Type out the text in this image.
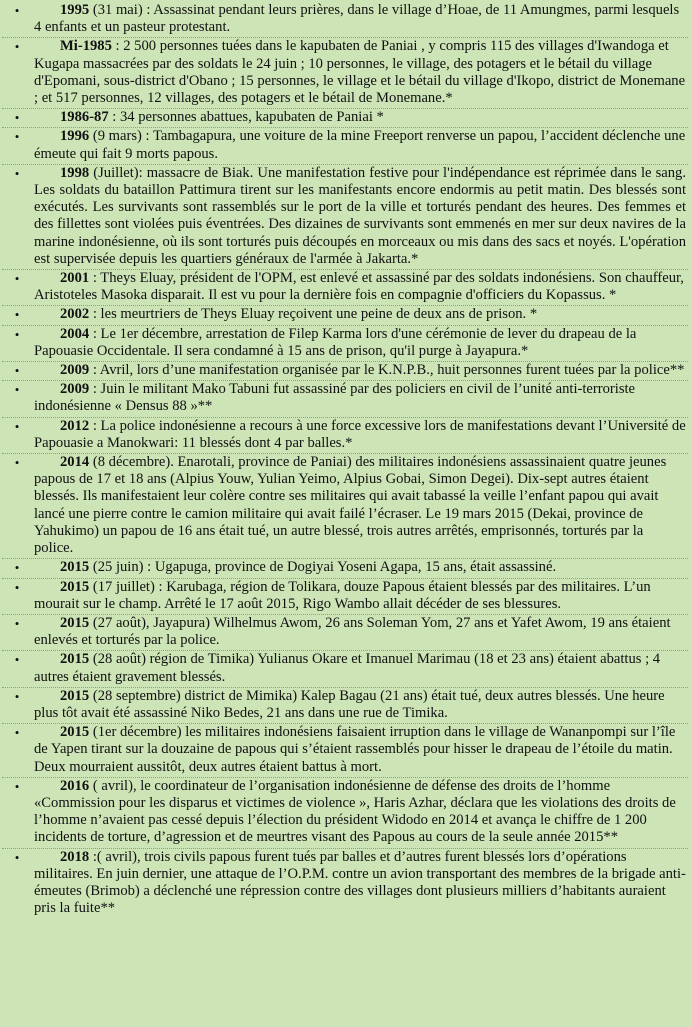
•	1995 (31 mai) : Assassinat pendant leurs prières, dans le village d’Hoae, de 11 Amungmes, parmi lesquels 4 enfants et un pasteur protestant.
•	Mi-1985 : 2 500 personnes tuées dans le kapubaten de Paniai , y compris 115 des villages d'Iwandoga et Kugapa massacrées par des soldats le 24 juin ; 10 personnes, le village, des potagers et le bétail du village d'Epomani, sous-district d'Obano ; 15 personnes, le village et le bétail du village d'Ikopo, district de Monemane ; et 517 personnes, 12 villages, des potagers et le bétail de Monemane.*
•	1986-87 : 34 personnes abattues, kapubaten de Paniai *
•	1996 (9 mars) : Tambagapura, une voiture de la mine Freeport renverse un papou, l’accident déclenche une émeute qui fait 9 morts papous.
•	1998 (Juillet): massacre de Biak. Une manifestation festive pour l'indépendance est réprimée dans le sang. Les soldats du bataillon Pattimura tirent sur les manifestants encore endormis au petit matin. Des blessés sont exécutés. Les survivants sont rassemblés sur le port de la ville et torturés pendant des heures. Des femmes et des fillettes sont violées puis éventrées. Des dizaines de survivants sont emmenés en mer sur deux navires de la marine indonésienne, où ils sont torturés puis découpés en morceaux ou mis dans des sacs et noyés. L'opération est supervisée depuis les quartiers généraux de l'armée à Jakarta.*
•	2001 : Theys Eluay, président de l'OPM, est enlevé et assassiné par des soldats indonésiens. Son chauffeur, Aristoteles Masoka disparait. Il est vu pour la dernière fois en compagnie d'officiers du Kopassus. *
•	2002 : les meurtriers de Theys Eluay reçoivent une peine de deux ans de prison. *
•	2004 : Le 1er décembre, arrestation de Filep Karma lors d'une cérémonie de lever du drapeau de la Papouasie Occidentale. Il sera condamné à 15 ans de prison, qu'il purge à Jayapura.*
•	2009 : Avril, lors d’une manifestation organisée par le K.N.P.B., huit personnes furent tuées par la police**
•	2009 : Juin le militant Mako Tabuni fut assassiné par des policiers en civil de l’unité anti-terroriste indonésienne « Densus 88 »**
•	2012 : La police indonésienne a recours à une force excessive lors de manifestations devant l’Université de Papouasie a Manokwari: 11 blessés dont 4 par balles.*
•	2014 (8 décembre). Enarotali, province de Paniai) des militaires indonésiens assassinaient quatre jeunes papous de 17 et 18 ans (Alpius Youw, Yulian Yeimo, Alpius Gobai, Simon Degei). Dix-sept autres étaient blessés. Ils manifestaient leur colère contre ses militaires qui avait tabassé la veille l’enfant papou qui avait lancé une pierre contre le camion militaire qui avait failé l’écraser. Le 19 mars 2015 (Dekai, province de Yahukimo) un papou de 16 ans était tué, un autre blessé, trois autres arrêtés, emprisonnés, torturés par la police.
•	2015 (25 juin) : Ugapuga, province de Dogiyai Yoseni Agapa, 15 ans, était assassiné.
•	2015 (17 juillet) : Karubaga, région de Tolikara, douze Papous étaient blessés par des militaires. L’un mourait sur le champ. Arrêté le 17 août 2015, Rigo Wambo allait décéder de ses blessures.
•	2015 (27 août), Jayapura) Wilhelmus Awom, 26 ans Soleman Yom, 27 ans et Yafet Awom, 19 ans étaient enlevés et torturés par la police.
•	2015 (28 août) région de Timika) Yulianus Okare et Imanuel Marimau (18 et 23 ans) étaient abattus ; 4 autres étaient gravement blessés.
•	2015 (28 septembre) district de Mimika) Kalep Bagau (21 ans) était tué, deux autres blessés. Une heure plus tôt avait été assassiné Niko Bedes, 21 ans dans une rue de Timika.
•	2015 (1er décembre) les militaires indonésiens faisaient irruption dans le village de Wananpompi sur l’île de Yapen tirant sur la douzaine de papous qui s’étaient rassemblés pour hisser le drapeau de l’étoile du matin. Deux mourraient aussitôt, deux autres étaient battus à mort.
•	2016 ( avril), le coordinateur de l’organisation indonésienne de défense des droits de l’homme «Commission pour les disparus et victimes de violence », Haris Azhar, déclara que les violations des droits de l’homme n’avaient pas cessé depuis l’élection du président Widodo en 2014 et avança le chiffre de 1 200 incidents de torture, d’agression et de meurtres visant des Papous au cours de la seule année 2015**
•	2018 :( avril), trois civils papous furent tués par balles et d’autres furent blessés lors d’opérations militaires. En juin dernier, une attaque de l’O.P.M. contre un avion transportant des membres de la brigade anti-émeutes (Brimob) a déclenché une répression contre des villages dont plusieurs milliers d’habitants auraient pris la fuite**
